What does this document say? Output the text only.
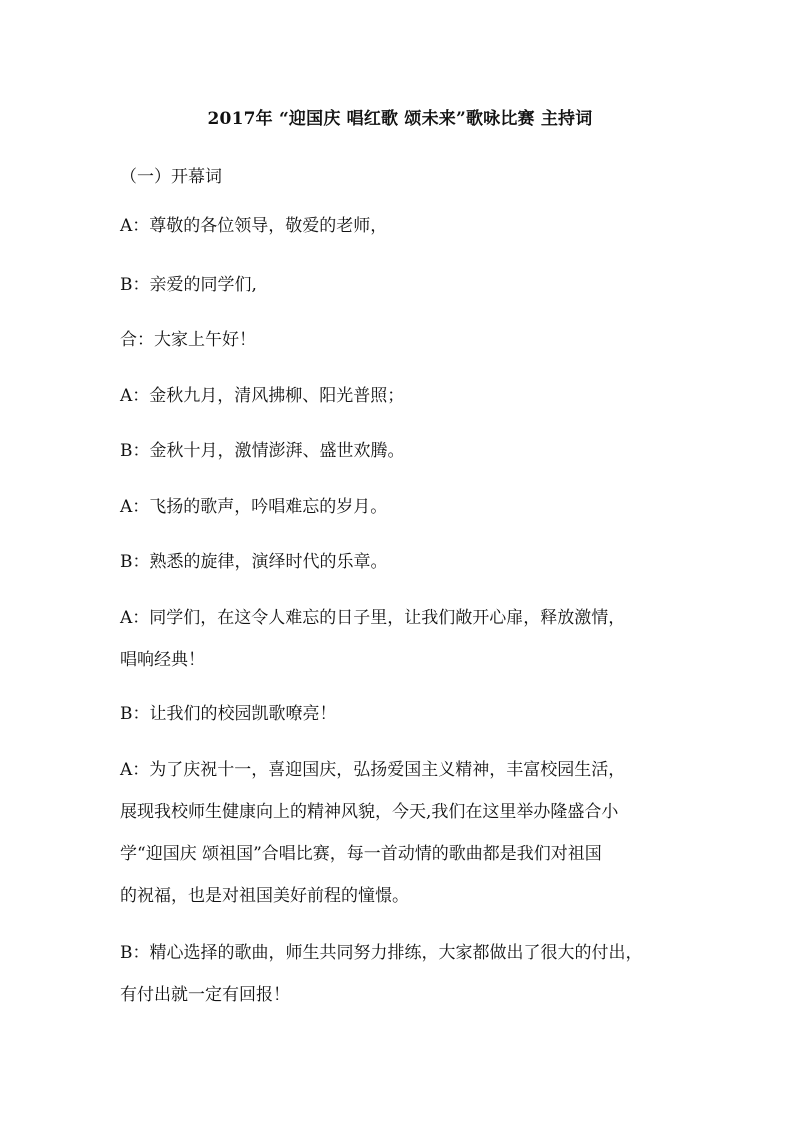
2017年 “迎国庆 唱红歌 颂未来”歌咏比赛 主持词
（一）开幕词
A：尊敬的各位领导，敬爱的老师，
B：亲爱的同学们,
合：大家上午好！
A：金秋九月，清风拂柳、阳光普照；
B：金秋十月，激情澎湃、盛世欢腾。
A：飞扬的歌声，吟唱难忘的岁月。
B：熟悉的旋律，演绎时代的乐章。
A：同学们，在这令人难忘的日子里，让我们敞开心扉，释放激情，
唱响经典！
B：让我们的校园凯歌嘹亮！
A：为了庆祝十一，喜迎国庆，弘扬爱国主义精神，丰富校园生活，
展现我校师生健康向上的精神风貌，今天,我们在这里举办隆盛合小
学“迎国庆 颂祖国”合唱比赛，每一首动情的歌曲都是我们对祖国
的祝福，也是对祖国美好前程的憧憬。
B：精心选择的歌曲，师生共同努力排练，大家都做出了很大的付出，
有付出就一定有回报！
